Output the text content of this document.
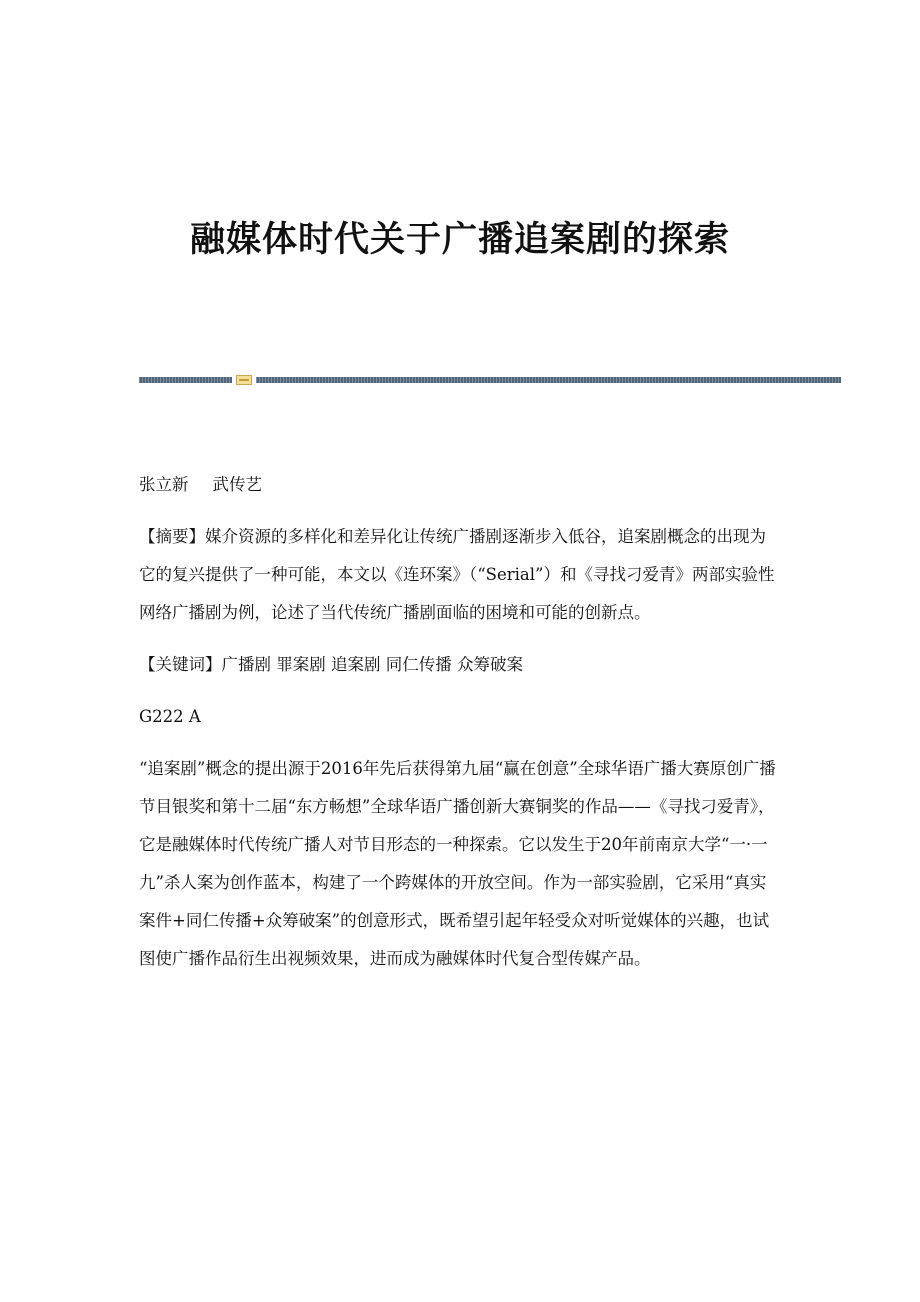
融媒体时代关于广播追案剧的探索

张立新 武传艺

【摘要】媒介资源的多样化和差异化让传统广播剧逐渐步入低谷，追案剧概念的出现为它的复兴提供了一种可能，本文以《连环案》（“Serial”）和《寻找刁爱青》两部实验性网络广播剧为例，论述了当代传统广播剧面临的困境和可能的创新点。

【关键词】广播剧 罪案剧 追案剧 同仁传播 众筹破案

G222 A

“追案剧”概念的提出源于2016年先后获得第九届“赢在创意”全球华语广播大赛原创广播节目银奖和第十二届“东方畅想”全球华语广播创新大赛铜奖的作品——《寻找刁爱青》，它是融媒体时代传统广播人对节目形态的一种探索。它以发生于20年前南京大学“一·一九”杀人案为创作蓝本，构建了一个跨媒体的开放空间。作为一部实验剧，它采用“真实案件+同仁传播+众筹破案”的创意形式，既希望引起年轻受众对听觉媒体的兴趣，也试图使广播作品衍生出视频效果，进而成为融媒体时代复合型传媒产品。
